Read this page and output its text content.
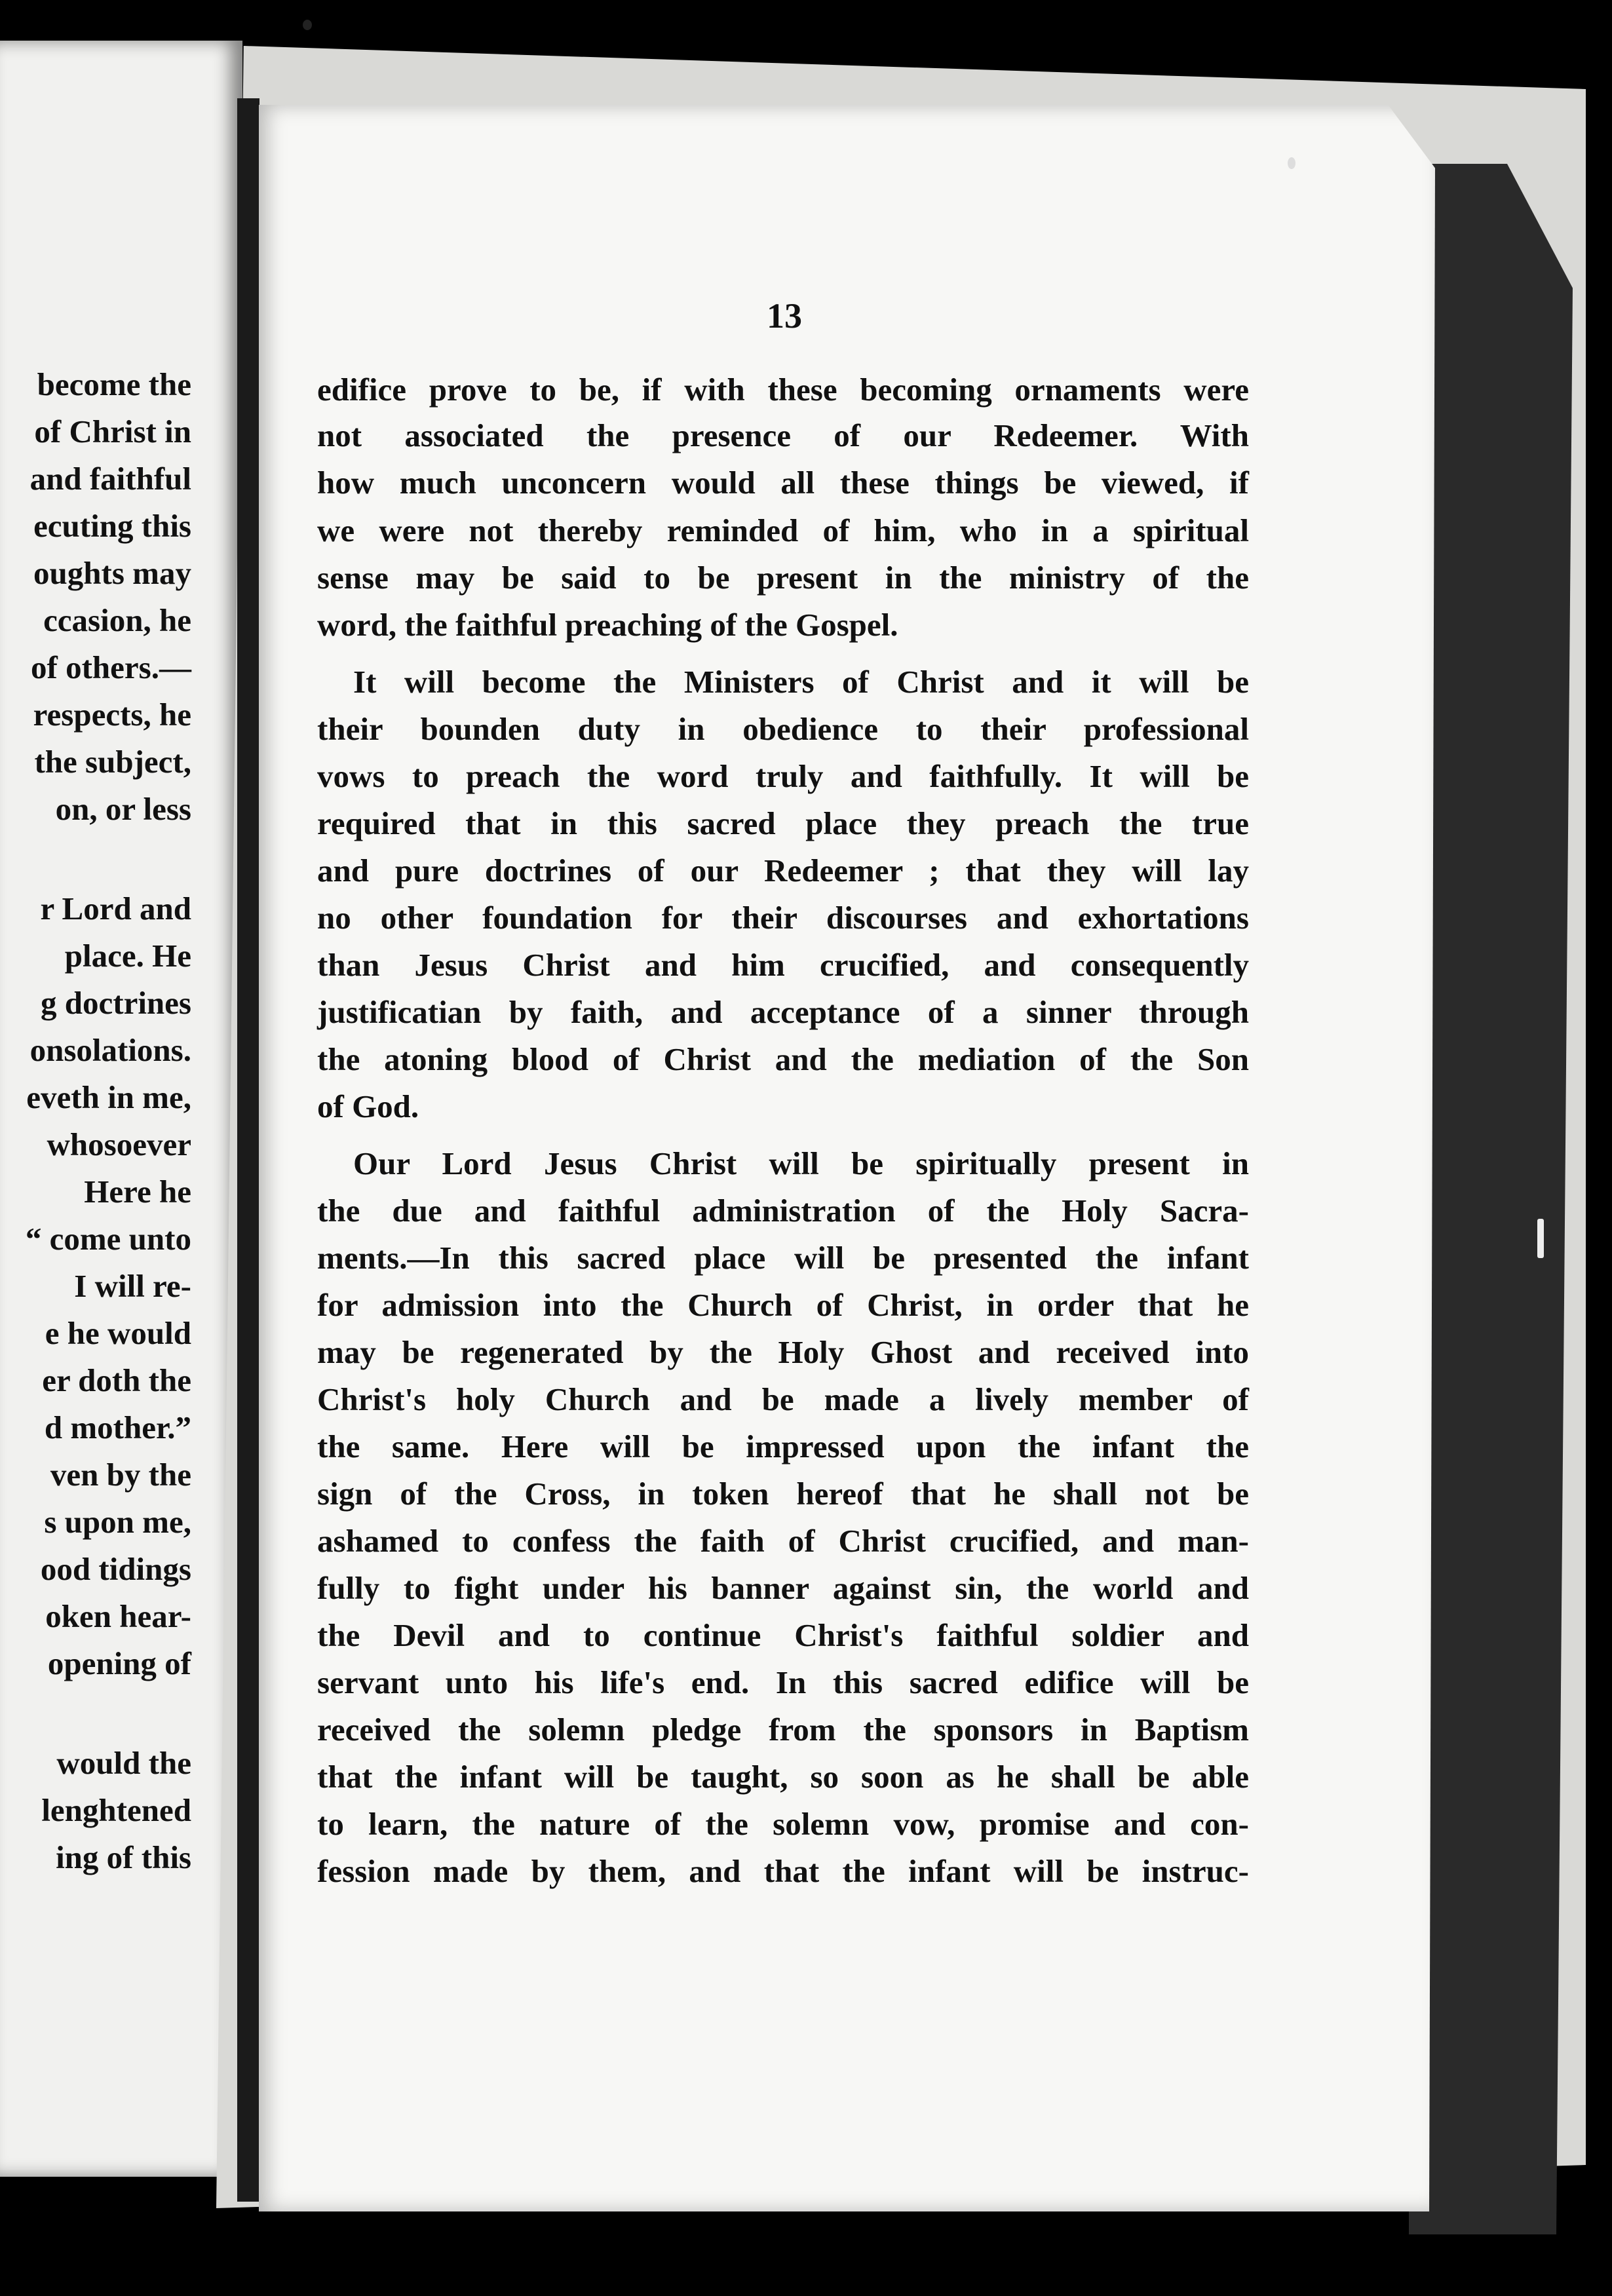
become the
of Christ in
and faithful
ecuting this
oughts may
ccasion, he
of others.—
respects, he
the subject,
on, or less
r Lord and
place. He
g doctrines
onsolations.
eveth in me,
whosoever
Here he
“ come unto
I will re-
e he would
er doth the
d mother.”
ven by the
s upon me,
ood tidings
oken hear-
opening of
would the
lenghtened
ing of this
13
edifice prove to be, if with these becoming ornaments were
not associated the presence of our Redeemer. With
how much unconcern would all these things be viewed, if
we were not thereby reminded of him, who in a spiritual
sense may be said to be present in the ministry of the
word, the faithful preaching of the Gospel.
It will become the Ministers of Christ and it will be
their bounden duty in obedience to their professional
vows to preach the word truly and faithfully. It will be
required that in this sacred place they preach the true
and pure doctrines of our Redeemer ; that they will lay
no other foundation for their discourses and exhortations
than Jesus Christ and him crucified, and consequently
justificatian by faith, and acceptance of a sinner through
the atoning blood of Christ and the mediation of the Son
of God.
Our Lord Jesus Christ will be spiritually present in
the due and faithful administration of the Holy Sacra-
ments.—In this sacred place will be presented the infant
for admission into the Church of Christ, in order that he
may be regenerated by the Holy Ghost and received into
Christ's holy Church and be made a lively member of
the same. Here will be impressed upon the infant the
sign of the Cross, in token hereof that he shall not be
ashamed to confess the faith of Christ crucified, and man-
fully to fight under his banner against sin, the world and
the Devil and to continue Christ's faithful soldier and
servant unto his life's end. In this sacred edifice will be
received the solemn pledge from the sponsors in Baptism
that the infant will be taught, so soon as he shall be able
to learn, the nature of the solemn vow, promise and con-
fession made by them, and that the infant will be instruc-
